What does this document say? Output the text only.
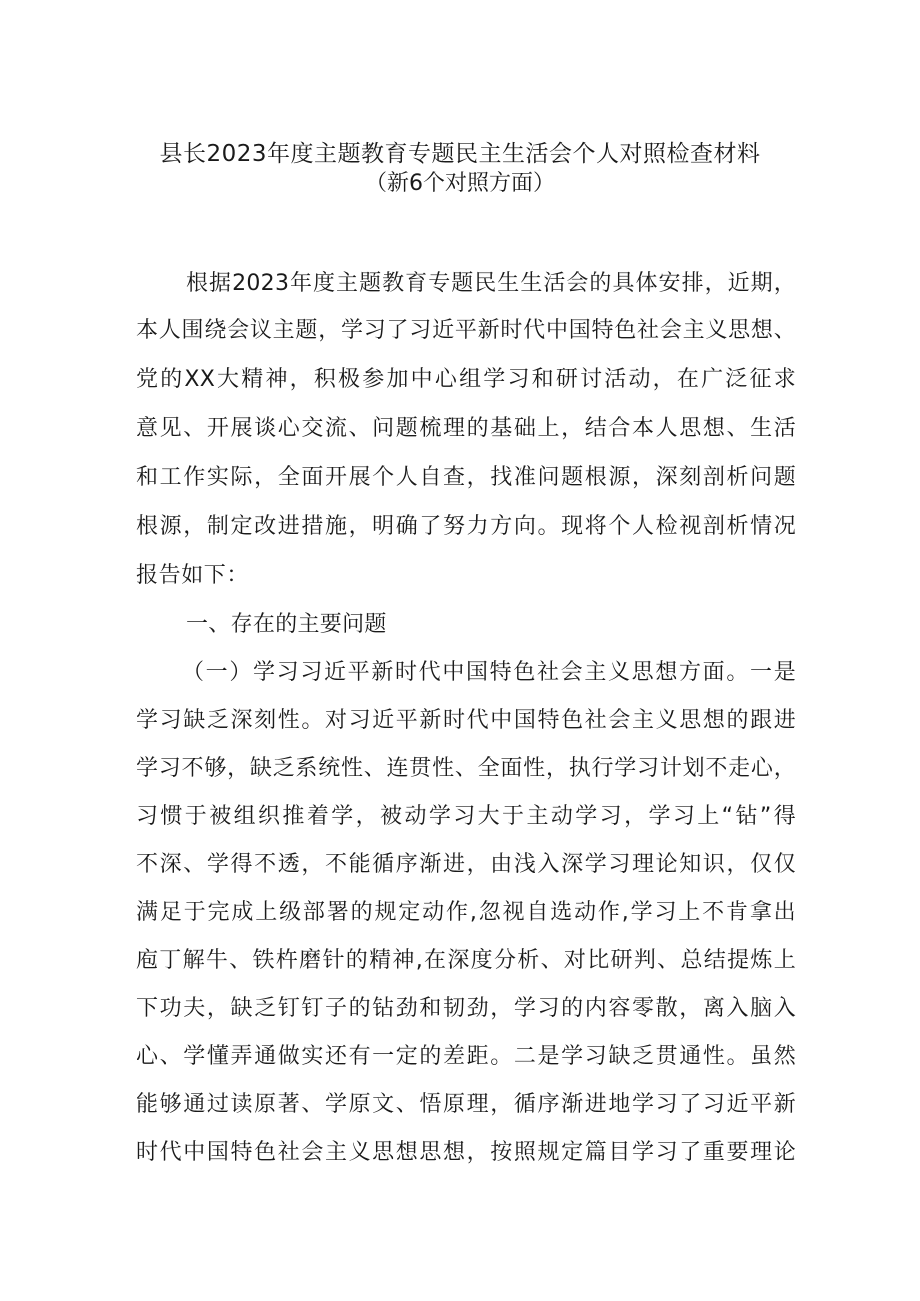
县长2023年度主题教育专题民主生活会个人对照检查材料
（新6个对照方面）
根据2023年度主题教育专题民生生活会的具体安排，近期，
本人围绕会议主题，学习了习近平新时代中国特色社会主义思想、
党的XX大精神，积极参加中心组学习和研讨活动，在广泛征求
意见、开展谈心交流、问题梳理的基础上，结合本人思想、生活
和工作实际，全面开展个人自查，找准问题根源，深刻剖析问题
根源，制定改进措施，明确了努力方向。现将个人检视剖析情况
报告如下：
一、存在的主要问题
（一）学习习近平新时代中国特色社会主义思想方面。一是
学习缺乏深刻性。对习近平新时代中国特色社会主义思想的跟进
学习不够，缺乏系统性、连贯性、全面性，执行学习计划不走心，
习惯于被组织推着学，被动学习大于主动学习，学习上“钻”得
不深、学得不透，不能循序渐进，由浅入深学习理论知识，仅仅
满足于完成上级部署的规定动作,忽视自选动作,学习上不肯拿出
庖丁解牛、铁杵磨针的精神,在深度分析、对比研判、总结提炼上
下功夫，缺乏钉钉子的钻劲和韧劲，学习的内容零散，离入脑入
心、学懂弄通做实还有一定的差距。二是学习缺乏贯通性。虽然
能够通过读原著、学原文、悟原理，循序渐进地学习了习近平新
时代中国特色社会主义思想思想，按照规定篇目学习了重要理论
